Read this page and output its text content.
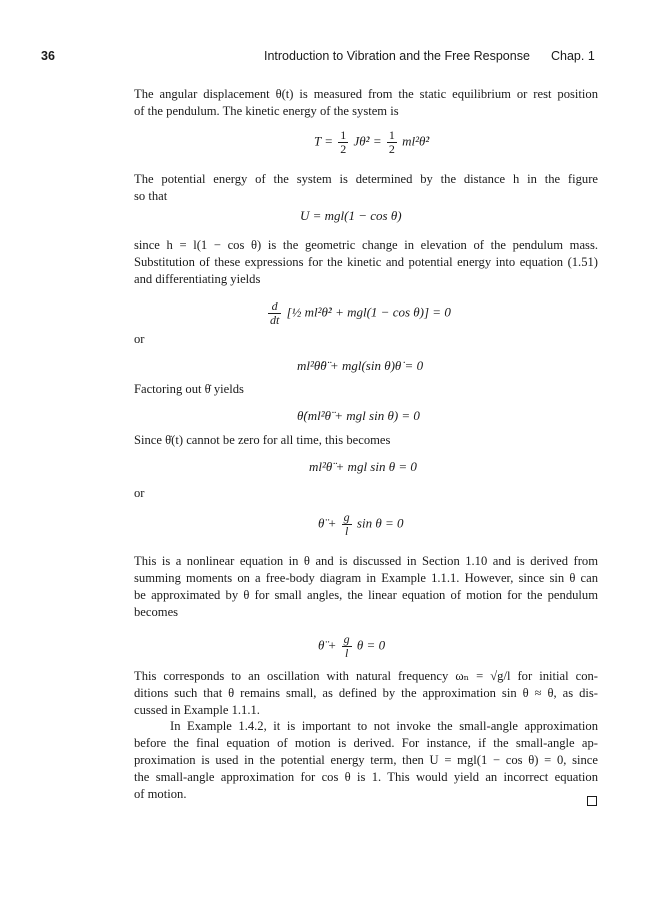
36	Introduction to Vibration and the Free Response Chap. 1
The angular displacement θ(t) is measured from the static equilibrium or rest position
of the pendulum. The kinetic energy of the system is
$T = \frac{1}{2}$ Jθ̇² = $\frac{1}{2}$ ml²θ̇²
The potential energy of the system is determined by the distance h in the figure
so that
U = mgl(1 − cos θ)
since h = l(1 − cos θ) is the geometric change in elevation of the pendulum mass.
Substitution of these expressions for the kinetic and potential energy into equation (1.51)
and differentiating yields
$\frac{d}{dt}$ [½ ml²θ̇² + mgl(1 − cos θ)] = 0
or
ml²θ̇θ̈ + mgl(sin θ)θ̇ = 0
Factoring out θ̇ yields
θ̇(ml²θ̈ + mgl sin θ) = 0
Since θ̇(t) cannot be zero for all time, this becomes
ml²θ̈ + mgl sin θ = 0
or
θ̈ + $\frac{g}{l}$ sin θ = 0
This is a nonlinear equation in θ and is discussed in Section 1.10 and is derived from
summing moments on a free-body diagram in Example 1.1.1. However, since sin θ can
be approximated by θ for small angles, the linear equation of motion for the pendulum
becomes
θ̈ + $\frac{g}{l}$ θ = 0
This corresponds to an oscillation with natural frequency ωₙ = √g/l for initial con-
ditions such that θ remains small, as defined by the approximation sin θ ≈ θ, as dis-
cussed in Example 1.1.1.
In Example 1.4.2, it is important to not invoke the small-angle approximation
before the final equation of motion is derived. For instance, if the small-angle ap-
proximation is used in the potential energy term, then U = mgl(1 − cos θ) = 0, since
the small-angle approximation for cos θ is 1. This would yield an incorrect equation
of motion.
